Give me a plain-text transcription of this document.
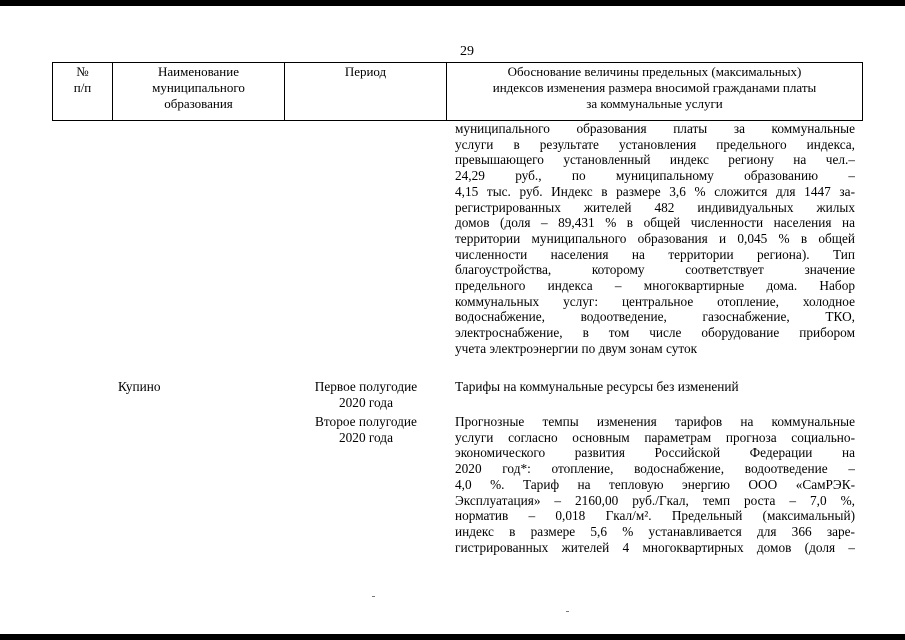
29
№
п/п
Наименование
муниципального
образования
Период	Обоснование величины предельных (максимальных)
индексов изменения размера вносимой гражданами платы
за коммунальные услуги
муниципального образования платы за коммунальные
услуги в результате установления предельного индекса,
превышающего установленный индекс региону на чел.–
24,29 руб., по муниципальному образованию –
4,15 тыс. руб. Индекс в размере 3,6 % сложится для 1447 за-
регистрированных жителей 482 индивидуальных жилых
домов (доля – 89,431 % в общей численности населения на
территории муниципального образования и 0,045 % в общей
численности населения на территории региона). Тип
благоустройства, которому соответствует значение
предельного индекса – многоквартирные дома. Набор
коммунальных услуг: центральное отопление, холодное
водоснабжение, водоотведение, газоснабжение, ТКО,
электроснабжение, в том числе оборудование прибором
учета электроэнергии по двум зонам суток
Купино	Первое полугодие
2020 года
Тарифы на коммунальные ресурсы без изменений
Второе полугодие
2020 года
Прогнозные темпы изменения тарифов на коммунальные
услуги согласно основным параметрам прогноза социально-
экономического развития Российской Федерации на
2020 год*: отопление, водоснабжение, водоотведение –
4,0 %. Тариф на тепловую энергию ООО «СамРЭК-
Эксплуатация» – 2160,00 руб./Гкал, темп роста – 7,0 %,
норматив – 0,018 Гкал/м². Предельный (максимальный)
индекс в размере 5,6 % устанавливается для 366 заре-
гистрированных жителей 4 многоквартирных домов (доля –
